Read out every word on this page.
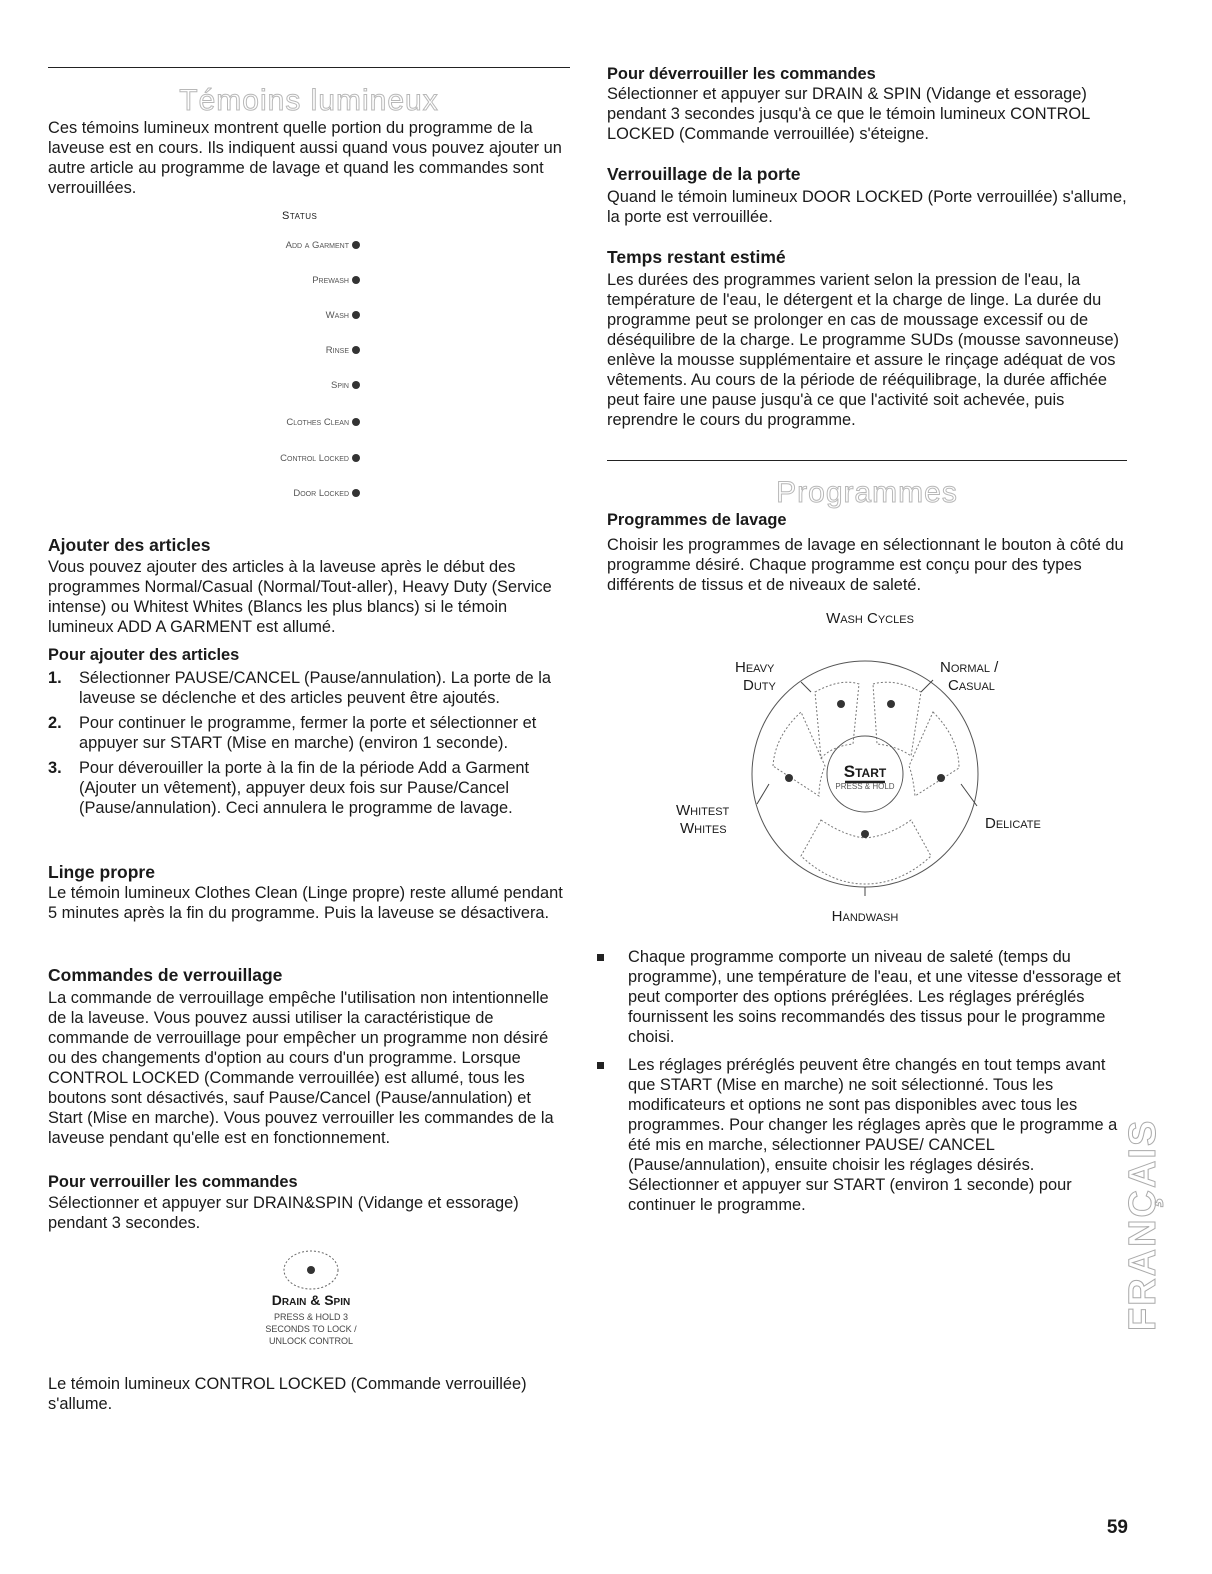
Témoins lumineux

Ces témoins lumineux montrent quelle portion du programme de la laveuse est en cours. Ils indiquent aussi quand vous pouvez ajouter un autre article au programme de lavage et quand les commandes sont verrouillées.

Status
Add a Garment
Prewash
Wash
Rinse
Spin
Clothes Clean
Control Locked
Door Locked
Ajouter des articles

Vous pouvez ajouter des articles à la laveuse après le début des programmes Normal/Casual (Normal/Tout-aller), Heavy Duty (Service intense) ou Whitest Whites (Blancs les plus blancs) si le témoin lumineux ADD A GARMENT est allumé.

Pour ajouter des articles
1. Sélectionner PAUSE/CANCEL (Pause/annulation). La porte de la laveuse se déclenche et des articles peuvent être ajoutés.
2. Pour continuer le programme, fermer la porte et sélectionner et appuyer sur START (Mise en marche) (environ 1 seconde).
3. Pour déverouiller la porte à la fin de la période Add a Garment (Ajouter un vêtement), appuyer deux fois sur Pause/Cancel (Pause/annulation). Ceci annulera le programme de lavage.
Linge propre

Le témoin lumineux Clothes Clean (Linge propre) reste allumé pendant 5 minutes après la fin du programme. Puis la laveuse se désactivera.

Commandes de verrouillage

La commande de verrouillage empêche l'utilisation non intentionnelle de la laveuse. Vous pouvez aussi utiliser la caractéristique de commande de verrouillage pour empêcher un programme non désiré ou des changements d'option au cours d'un programme. Lorsque CONTROL LOCKED (Commande verrouillée) est allumé, tous les boutons sont désactivés, sauf Pause/Cancel (Pause/annulation) et Start (Mise en marche). Vous pouvez verrouiller les commandes de la laveuse pendant qu'elle est en fonctionnement.

Pour verrouiller les commandes

Sélectionner et appuyer sur DRAIN&SPIN (Vidange et essorage) pendant 3 secondes.

Drain & Spin
PRESS & HOLD 3
SECONDS TO LOCK /
UNLOCK CONTROL

Le témoin lumineux CONTROL LOCKED (Commande verrouillée) s'allume.

Pour déverrouiller les commandes

Sélectionner et appuyer sur DRAIN & SPIN (Vidange et essorage) pendant 3 secondes jusqu'à ce que le témoin lumineux CONTROL LOCKED (Commande verrouillée) s'éteigne.

Verrouillage de la porte

Quand le témoin lumineux DOOR LOCKED (Porte verrouillée) s'allume, la porte est verrouillée.

Temps restant estimé

Les durées des programmes varient selon la pression de l'eau, la température de l'eau, le détergent et la charge de linge. La durée du programme peut se prolonger en cas de moussage excessif ou de déséquilibre de la charge. Le programme SUDs (mousse savonneuse) enlève la mousse supplémentaire et assure le rinçage adéquat de vos vêtements. Au cours de la période de rééquilibrage, la durée affichée peut faire une pause jusqu'à ce que l'activité soit achevée, puis reprendre le cours du programme.

Programmes
Programmes de lavage

Choisir les programmes de lavage en sélectionnant le bouton à côté du programme désiré. Chaque programme est conçu pour des types différents de tissus et de niveaux de saleté.

Wash Cycles
Start
PRESS & HOLD
Heavy
Duty
Normal /
Casual
Whitest
Whites	Delicate
Handwash
Chaque programme comporte un niveau de saleté (temps du programme), une température de l'eau, et une vitesse d'essorage et peut comporter des options préréglées. Les réglages préréglés fournissent les soins recommandés des tissus pour le programme choisi.
Les réglages préréglés peuvent être changés en tout temps avant que START (Mise en marche) ne soit sélectionné. Tous les modificateurs et options ne sont pas disponibles avec tous les programmes. Pour changer les réglages après que le programme a été mis en marche, sélectionner PAUSE/ CANCEL (Pause/annulation), ensuite choisir les réglages désirés. Sélectionner et appuyer sur START (environ 1 seconde) pour continuer le programme.	FRANÇAIS
59
